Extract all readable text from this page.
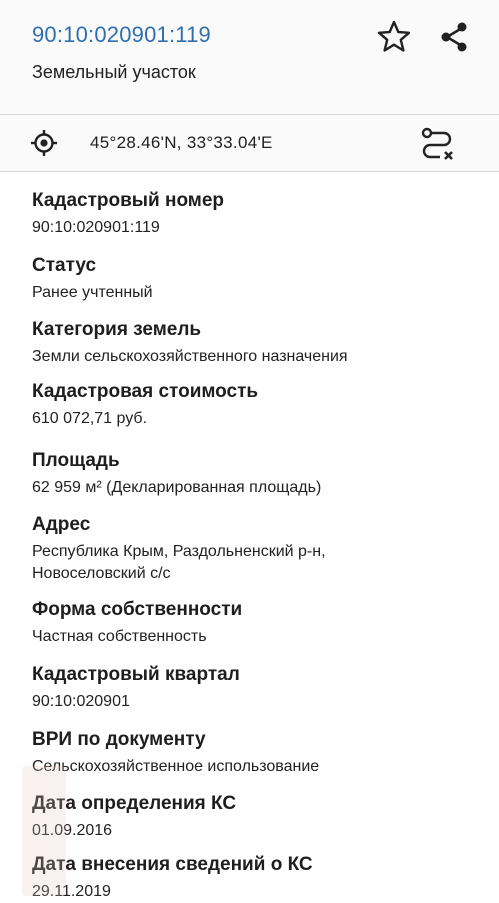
90:10:020901:119
Земельный участок
45°28.46'N, 33°33.04'E
Кадастровый номер
90:10:020901:119
Статус
Ранее учтенный
Категория земель
Земли сельскохозяйственного назначения
Кадастровая стоимость
610 072,71 руб.
Площадь
62 959 м² (Декларированная площадь)
Адрес
Республика Крым, Раздольненский р-н,
Новоселовский с/с
Форма собственности
Частная собственность
Кадастровый квартал
90:10:020901
ВРИ по документу
Сельскохозяйственное использование
Дата определения КС
01.09.2016
Дата внесения сведений о КС
29.11.2019
